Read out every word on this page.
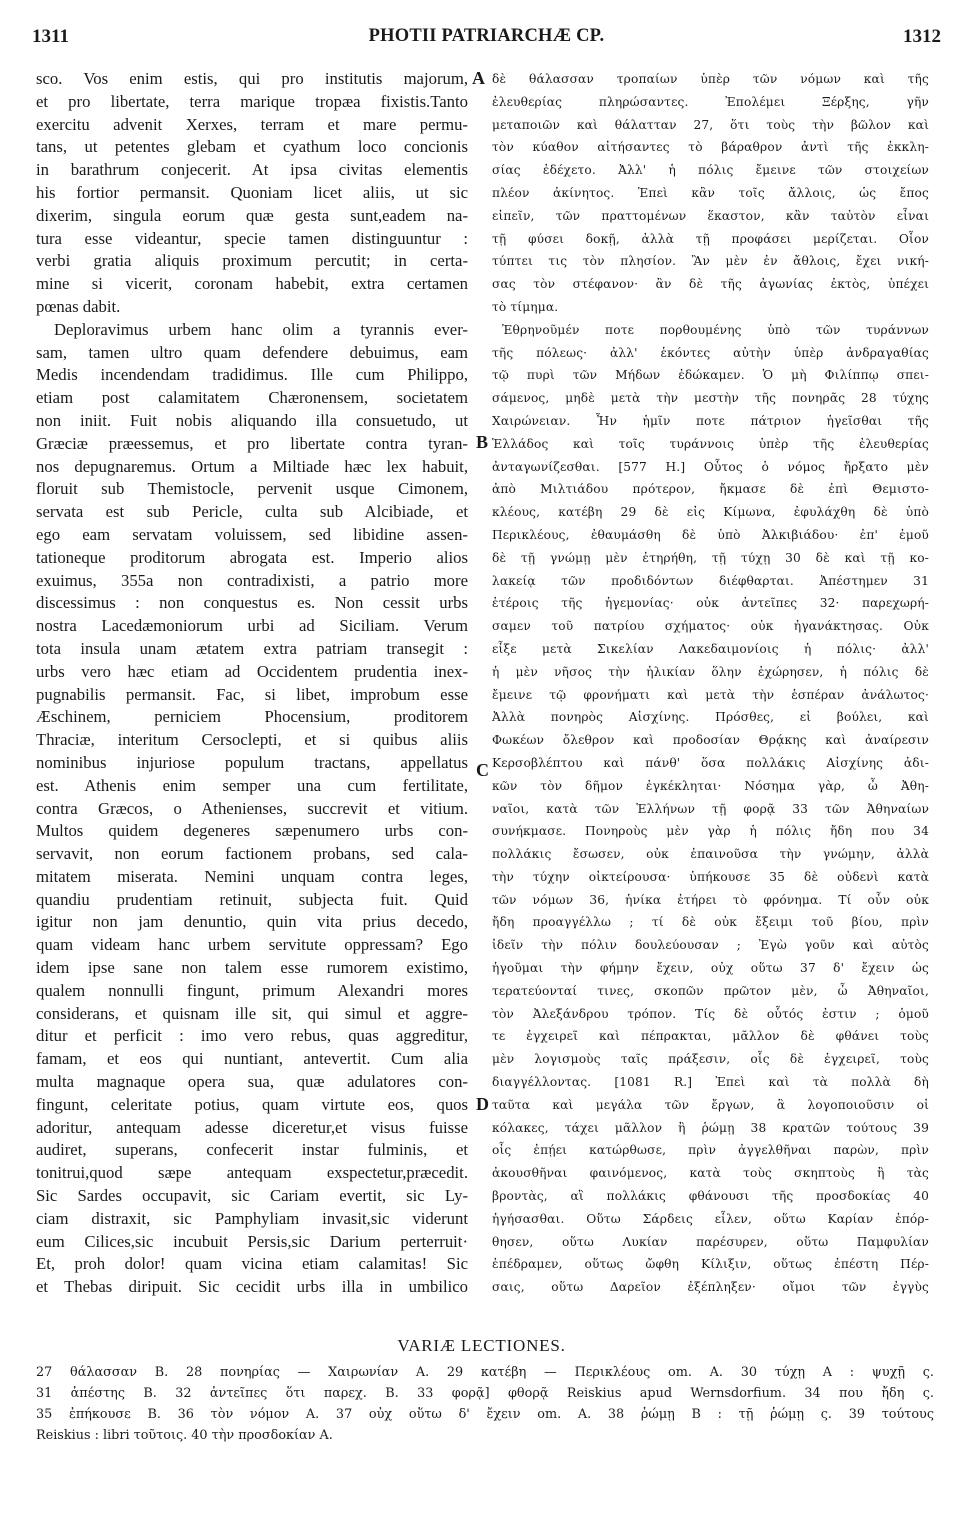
1311	PHOTII PATRIARCHÆ CP.	1312
sco. Vos enim estis, qui pro institutis majorum,
et pro libertate, terra marique tropæa fixistis.Tanto
exercitu advenit Xerxes, terram et mare permu-
tans, ut petentes glebam et cyathum loco concionis
in barathrum conjecerit. At ipsa civitas elementis
his fortior permansit. Quoniam licet aliis, ut sic
dixerim, singula eorum quæ gesta sunt,eadem na-
tura esse videantur, specie tamen distinguuntur :
verbi gratia aliquis proximum percutit; in certa-
mine si vicerit, coronam habebit, extra certamen
pœnas dabit.
Deploravimus urbem hanc olim a tyrannis ever-
sam, tamen ultro quam defendere debuimus, eam
Medis incendendam tradidimus. Ille cum Philippo,
etiam post calamitatem Chæronensem, societatem
non iniit. Fuit nobis aliquando illa consuetudo, ut
Græciæ præessemus, et pro libertate contra tyran-
nos depugnaremus. Ortum a Miltiade hæc lex habuit,
floruit sub Themistocle, pervenit usque Cimonem,
servata est sub Pericle, culta sub Alcibiade, et
ego eam servatam voluissem, sed libidine assen-
tationeque proditorum abrogata est. Imperio alios
exuimus, 355a non contradixisti, a patrio more
discessimus : non conquestus es. Non cessit urbs
nostra Lacedæmoniorum urbi ad Siciliam. Verum
tota insula unam ætatem extra patriam transegit :
urbs vero hæc etiam ad Occidentem prudentia inex-
pugnabilis permansit. Fac, si libet, improbum esse
Æschinem, perniciem Phocensium, proditorem
Thraciæ, interitum Cersoclepti, et si quibus aliis
nominibus injuriose populum tractans, appellatus
est. Athenis enim semper una cum fertilitate,
contra Græcos, o Athenienses, succrevit et vitium.
Multos quidem degeneres sæpenumero urbs con-
servavit, non eorum factionem probans, sed cala-
mitatem miserata. Nemini unquam contra leges,
quandiu prudentiam retinuit, subjecta fuit. Quid
igitur non jam denuntio, quin vita prius decedo,
quam videam hanc urbem servitute oppressam? Ego
idem ipse sane non talem esse rumorem existimo,
qualem nonnulli fingunt, primum Alexandri mores
considerans, et quisnam ille sit, qui simul et aggre-
ditur et perficit : imo vero rebus, quas aggreditur,
famam, et eos qui nuntiant, antevertit. Cum alia
multa magnaque opera sua, quæ adulatores con-
fingunt, celeritate potius, quam virtute eos, quos
adoritur, antequam adesse diceretur,et visus fuisse
audiret, superans, confecerit instar fulminis, et
tonitrui,quod sæpe antequam exspectetur,præcedit.
Sic Sardes occupavit, sic Cariam evertit, sic Ly-
ciam distraxit, sic Pamphyliam invasit,sic viderunt
eum Cilices,sic incubuit Persis,sic Darium perterruit·
Et, proh dolor! quam vicina etiam calamitas! Sic
et Thebas diripuit. Sic cecidit urbs illa in umbilico
δὲ θάλασσαν τροπαίων ὑπὲρ τῶν νόμων καὶ τῆς
ἐλευθερίας πληρώσαντες. Ἐπολέμει Ξέρξης, γῆν
μεταποιῶν καὶ θάλατταν 27, ὅτι τοὺς τὴν βῶλον καὶ
τὸν κύαθον αἰτήσαντες τὸ βάραθρον ἀντὶ τῆς ἐκκλη-
σίας ἐδέχετο. Ἀλλ' ἡ πόλις ἔμεινε τῶν στοιχείων
πλέον ἀκίνητος. Ἐπεὶ κἂν τοῖς ἄλλοις, ὡς ἔπος
εἰπεῖν, τῶν πραττομένων ἕκαστον, κἂν ταὐτὸν εἶναι
τῇ φύσει δοκῇ, ἀλλὰ τῇ προφάσει μερίζεται. Οἷον
τύπτει τις τὸν πλησίον. Ἂν μὲν ἐν ἄθλοις, ἔχει νική-
σας τὸν στέφανον· ἂν δὲ τῆς ἀγωνίας ἐκτὸς, ὑπέχει
τὸ τίμημα.
Ἐθρηνοῦμέν ποτε πορθουμένης ὑπὸ τῶν τυράννων
τῆς πόλεως· ἀλλ' ἑκόντες αὐτὴν ὑπὲρ ἀνδραγαθίας
τῷ πυρὶ τῶν Μήδων ἐδώκαμεν. Ὁ μὴ Φιλίππῳ σπει-
σάμενος, μηδὲ μετὰ τὴν μεστὴν τῆς πονηρᾶς 28 τύχης
Χαιρώνειαν. Ἦν ἡμῖν ποτε πάτριον ἡγεῖσθαι τῆς
Ἑλλάδος καὶ τοῖς τυράννοις ὑπὲρ τῆς ἐλευθερίας
ἀνταγωνίζεσθαι. [577 H.] Οὗτος ὁ νόμος ἤρξατο μὲν
ἀπὸ Μιλτιάδου πρότερον, ἤκμασε δὲ ἐπὶ Θεμιστο-
κλέους, κατέβη 29 δὲ εἰς Κίμωνα, ἐφυλάχθη δὲ ὑπὸ
Περικλέους, ἐθαυμάσθη δὲ ὑπὸ Ἀλκιβιάδου· ἐπ' ἐμοῦ
δὲ τῇ γνώμῃ μὲν ἐτηρήθη, τῇ τύχῃ 30 δὲ καὶ τῇ κο-
λακείᾳ τῶν προδιδόντων διέφθαρται. Ἀπέστημεν 31
ἑτέροις τῆς ἡγεμονίας· οὐκ ἀντεῖπες 32· παρεχωρή-
σαμεν τοῦ πατρίου σχήματος· οὐκ ἠγανάκτησας. Οὐκ
εἶξε μετὰ Σικελίαν Λακεδαιμονίοις ἡ πόλις· ἀλλ'
ἡ μὲν νῆσος τὴν ἡλικίαν ὅλην ἐχώρησεν, ἡ πόλις δὲ
ἔμεινε τῷ φρονήματι καὶ μετὰ τὴν ἑσπέραν ἀνάλωτος·
Ἀλλὰ πονηρὸς Αἰσχίνης. Πρόσθες, εἰ βούλει, καὶ
Φωκέων ὄλεθρον καὶ προδοσίαν Θρᾴκης καὶ ἀναίρεσιν
Κερσοβλέπτου καὶ πάνθ' ὅσα πολλάκις Αἰσχίνης ἀδι-
κῶν τὸν δῆμον ἐγκέκληται· Νόσημα γὰρ, ὦ Ἀθη-
ναῖοι, κατὰ τῶν Ἑλλήνων τῇ φορᾷ 33 τῶν Ἀθηναίων
συνήκμασε. Πονηροὺς μὲν γὰρ ἡ πόλις ἤδη που 34
πολλάκις ἔσωσεν, οὐκ ἐπαινοῦσα τὴν γνώμην, ἀλλὰ
τὴν τύχην οἰκτείρουσα· ὑπήκουσε 35 δὲ οὐδενὶ κατὰ
τῶν νόμων 36, ἡνίκα ἐτήρει τὸ φρόνημα. Τί οὖν οὐκ
ἤδη προαγγέλλω ; τί δὲ οὐκ ἔξειμι τοῦ βίου, πρὶν
ἰδεῖν τὴν πόλιν δουλεύουσαν ; Ἐγὼ γοῦν καὶ αὐτὸς
ἡγοῦμαι τὴν φήμην ἔχειν, οὐχ οὕτω 37 δ' ἔχειν ὡς
τερατεύονταί τινες, σκοπῶν πρῶτον μὲν, ὦ Ἀθηναῖοι,
τὸν Ἀλεξάνδρου τρόπον. Τίς δὲ οὗτός ἐστιν ; ὁμοῦ
τε ἐγχειρεῖ καὶ πέπρακται, μᾶλλον δὲ φθάνει τοὺς
μὲν λογισμοὺς ταῖς πράξεσιν, οἷς δὲ ἐγχειρεῖ, τοὺς
διαγγέλλοντας. [1081 R.] Ἐπεὶ καὶ τὰ πολλὰ δὴ
ταῦτα καὶ μεγάλα τῶν ἔργων, ἃ λογοποιοῦσιν οἱ
κόλακες, τάχει μᾶλλον ἢ ῥώμῃ 38 κρατῶν τούτους 39
οἷς ἐπῄει κατώρθωσε, πρὶν ἀγγελθῆναι παρὼν, πρὶν
ἀκουσθῆναι φαινόμενος, κατὰ τοὺς σκηπτοὺς ἢ τὰς
βροντὰς, αἳ πολλάκις φθάνουσι τῆς προσδοκίας 40
ἡγήσασθαι. Οὕτω Σάρδεις εἷλεν, οὕτω Καρίαν ἐπόρ-
θησεν, οὕτω Λυκίαν παρέσυρεν, οὕτω Παμφυλίαν
ἐπέδραμεν, οὕτως ὤφθη Κίλιξιν, οὕτως ἐπέστη Πέρ-
σαις, οὕτω Δαρεῖον ἐξέπληξεν· οἴμοι τῶν ἐγγὺς
A
B
C
D
VARIÆ LECTIONES.
27 θάλασσαν B. 28 πονηρίας — Χαιρωνίαν A. 29 κατέβη — Περικλέους om. A. 30 τύχῃ A : ψυχῇ ς.
31 ἀπέστης B. 32 ἀντεῖπες ὅτι παρεχ. B. 33 φορᾷ] φθορᾷ Reiskius apud Wernsdorfium. 34 που ἤδη ς.
35 ἐπήκουσε B. 36 τὸν νόμον A. 37 οὐχ οὕτω δ' ἔχειν om. A. 38 ῥώμῃ B : τῇ ῥώμῃ ς. 39 τούτους
Reiskius : libri τοῦτοις. 40 τὴν προσδοκίαν A.
